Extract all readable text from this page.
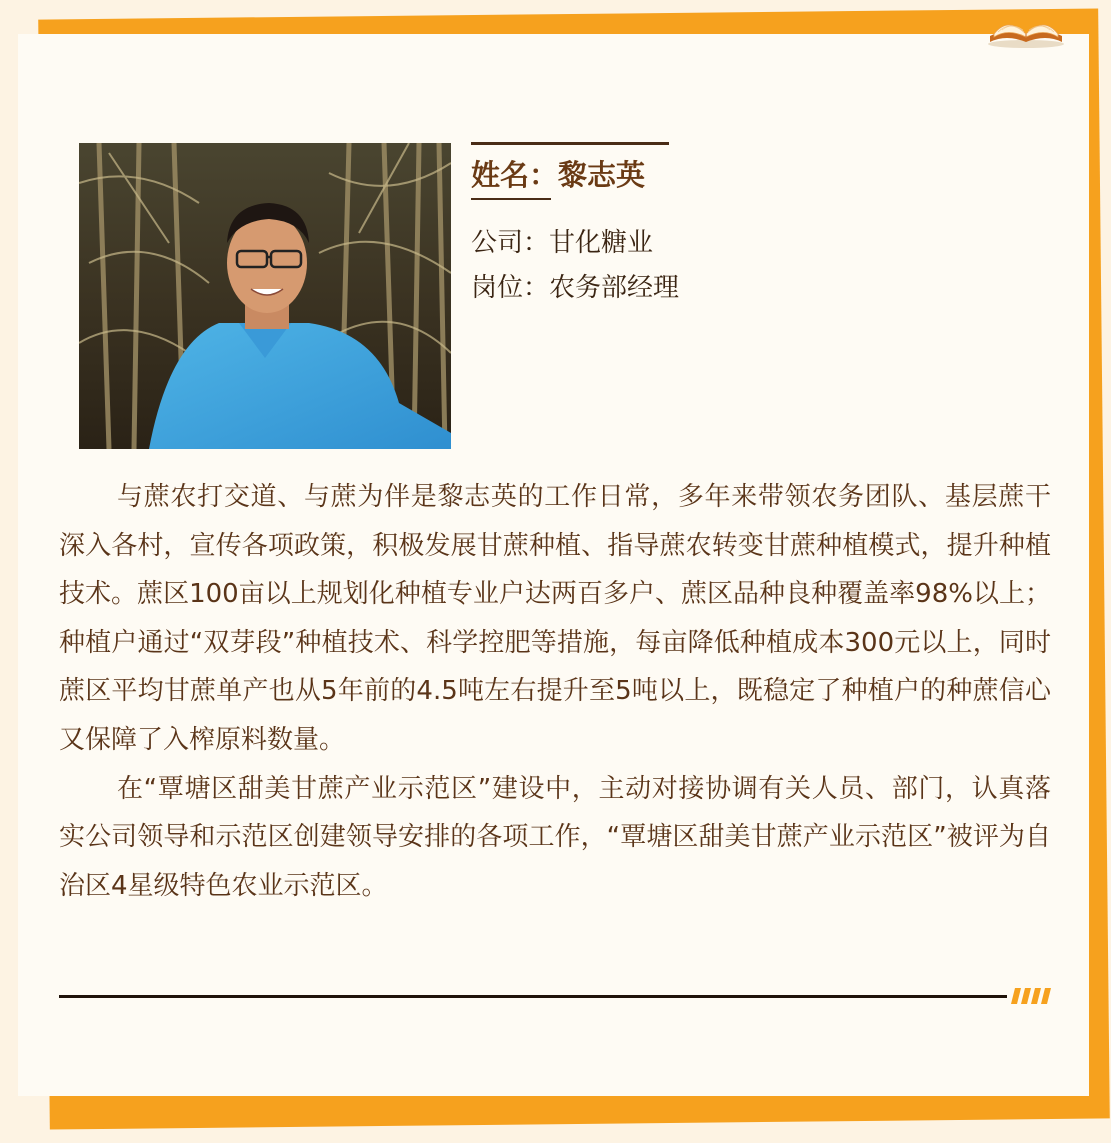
姓名：黎志英
公司：甘化糖业
岗位：农务部经理

与蔗农打交道、与蔗为伴是黎志英的工作日常，多年来带领农务团队、基层蔗干深入各村，宣传各项政策，积极发展甘蔗种植、指导蔗农转变甘蔗种植模式，提升种植技术。蔗区100亩以上规划化种植专业户达两百多户、蔗区品种良种覆盖率98%以上；种植户通过“双芽段”种植技术、科学控肥等措施，每亩降低种植成本300元以上，同时蔗区平均甘蔗单产也从5年前的4.5吨左右提升至5吨以上，既稳定了种植户的种蔗信心又保障了入榨原料数量。

在“覃塘区甜美甘蔗产业示范区”建设中，主动对接协调有关人员、部门，认真落实公司领导和示范区创建领导安排的各项工作，“覃塘区甜美甘蔗产业示范区”被评为自治区4星级特色农业示范区。
